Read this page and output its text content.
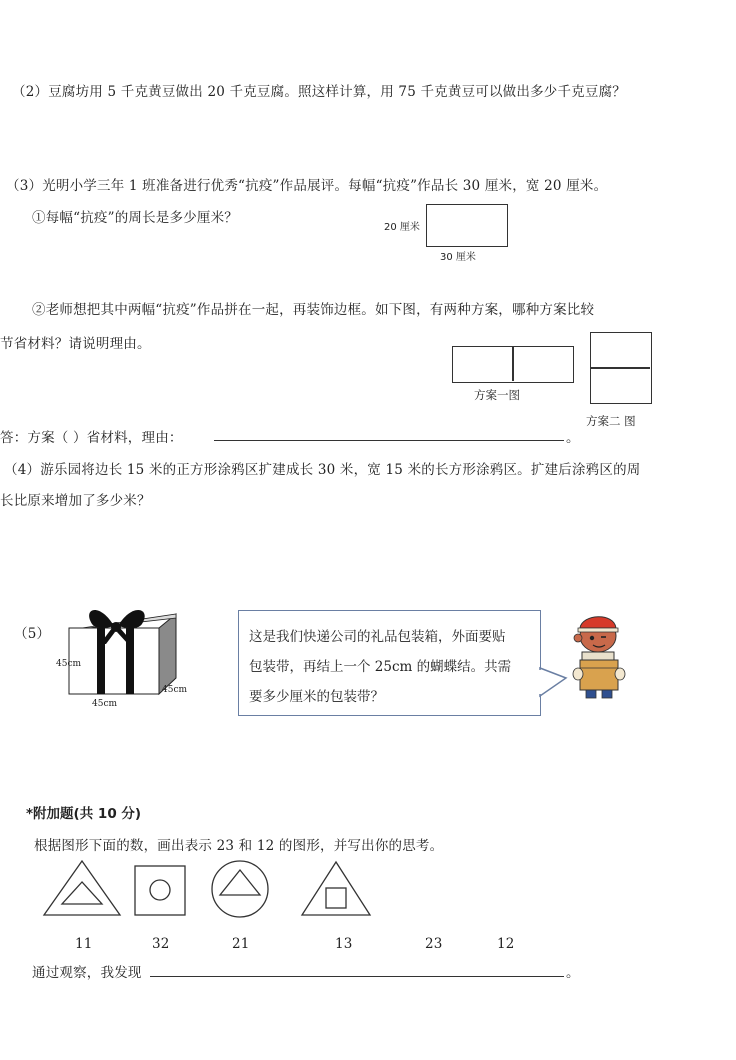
（2）豆腐坊用 5 千克黄豆做出 20 千克豆腐。照这样计算，用 75 千克黄豆可以做出多少千克豆腐？
（3）光明小学三年 1 班准备进行优秀“抗疫”作品展评。每幅“抗疫”作品长 30 厘米，宽 20 厘米。
①每幅“抗疫”的周长是多少厘米？
20 厘米
30 厘米
②老师想把其中两幅“抗疫”作品拼在一起，再装饰边框。如下图，有两种方案，哪种方案比较
节省材料？请说明理由。
方案一图
方案二 图
答：方案（ ）省材料，理由：	。
（4）游乐园将边长 15 米的正方形涂鸦区扩建成长 30 米，宽 15 米的长方形涂鸦区。扩建后涂鸦区的周
长比原来增加了多少米？
（5）
45cm
45cm
45cm

这是我们快递公司的礼品包装箱，外面要贴

包装带，再结上一个 25cm 的蝴蝶结。共需

要多少厘米的包装带？

*附加题(共 10 分)
根据图形下面的数，画出表示 23 和 12 的图形，并写出你的思考。
11	32	21	13	23	12
通过观察，我发现	。
